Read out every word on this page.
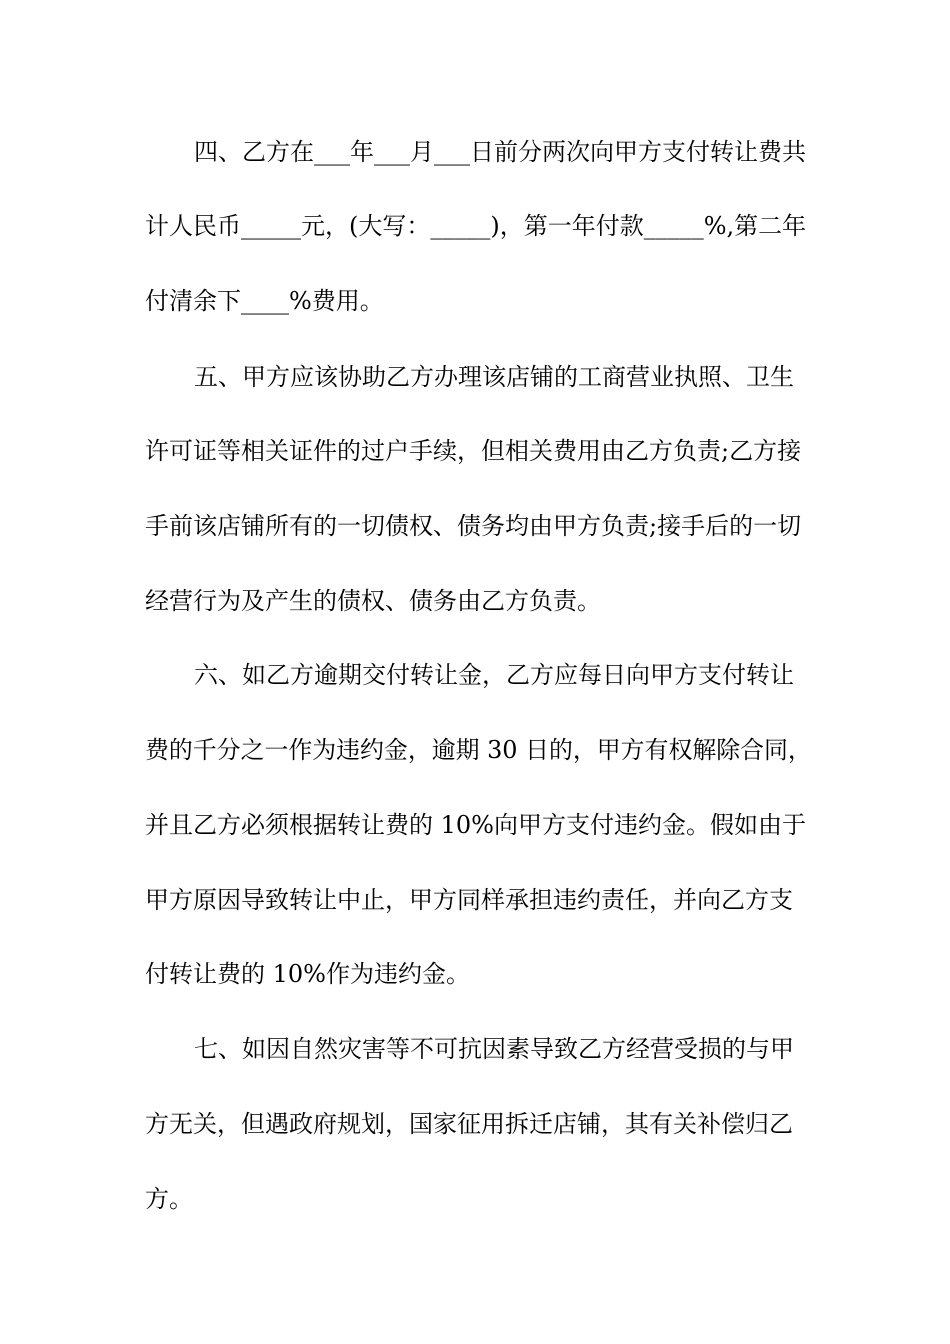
四、乙方在___年___月___日前分两次向甲方支付转让费共
计人民币_____元，(大写：_____)，第一年付款_____%,第二年
付清余下____%费用。
五、甲方应该协助乙方办理该店铺的工商营业执照、卫生
许可证等相关证件的过户手续，但相关费用由乙方负责;乙方接
手前该店铺所有的一切债权、债务均由甲方负责;接手后的一切
经营行为及产生的债权、债务由乙方负责。
六、如乙方逾期交付转让金，乙方应每日向甲方支付转让
费的千分之一作为违约金，逾期 30 日的，甲方有权解除合同，
并且乙方必须根据转让费的 10%向甲方支付违约金。假如由于
甲方原因导致转让中止，甲方同样承担违约责任，并向乙方支
付转让费的 10%作为违约金。
七、如因自然灾害等不可抗因素导致乙方经营受损的与甲
方无关，但遇政府规划，国家征用拆迁店铺，其有关补偿归乙
方。
